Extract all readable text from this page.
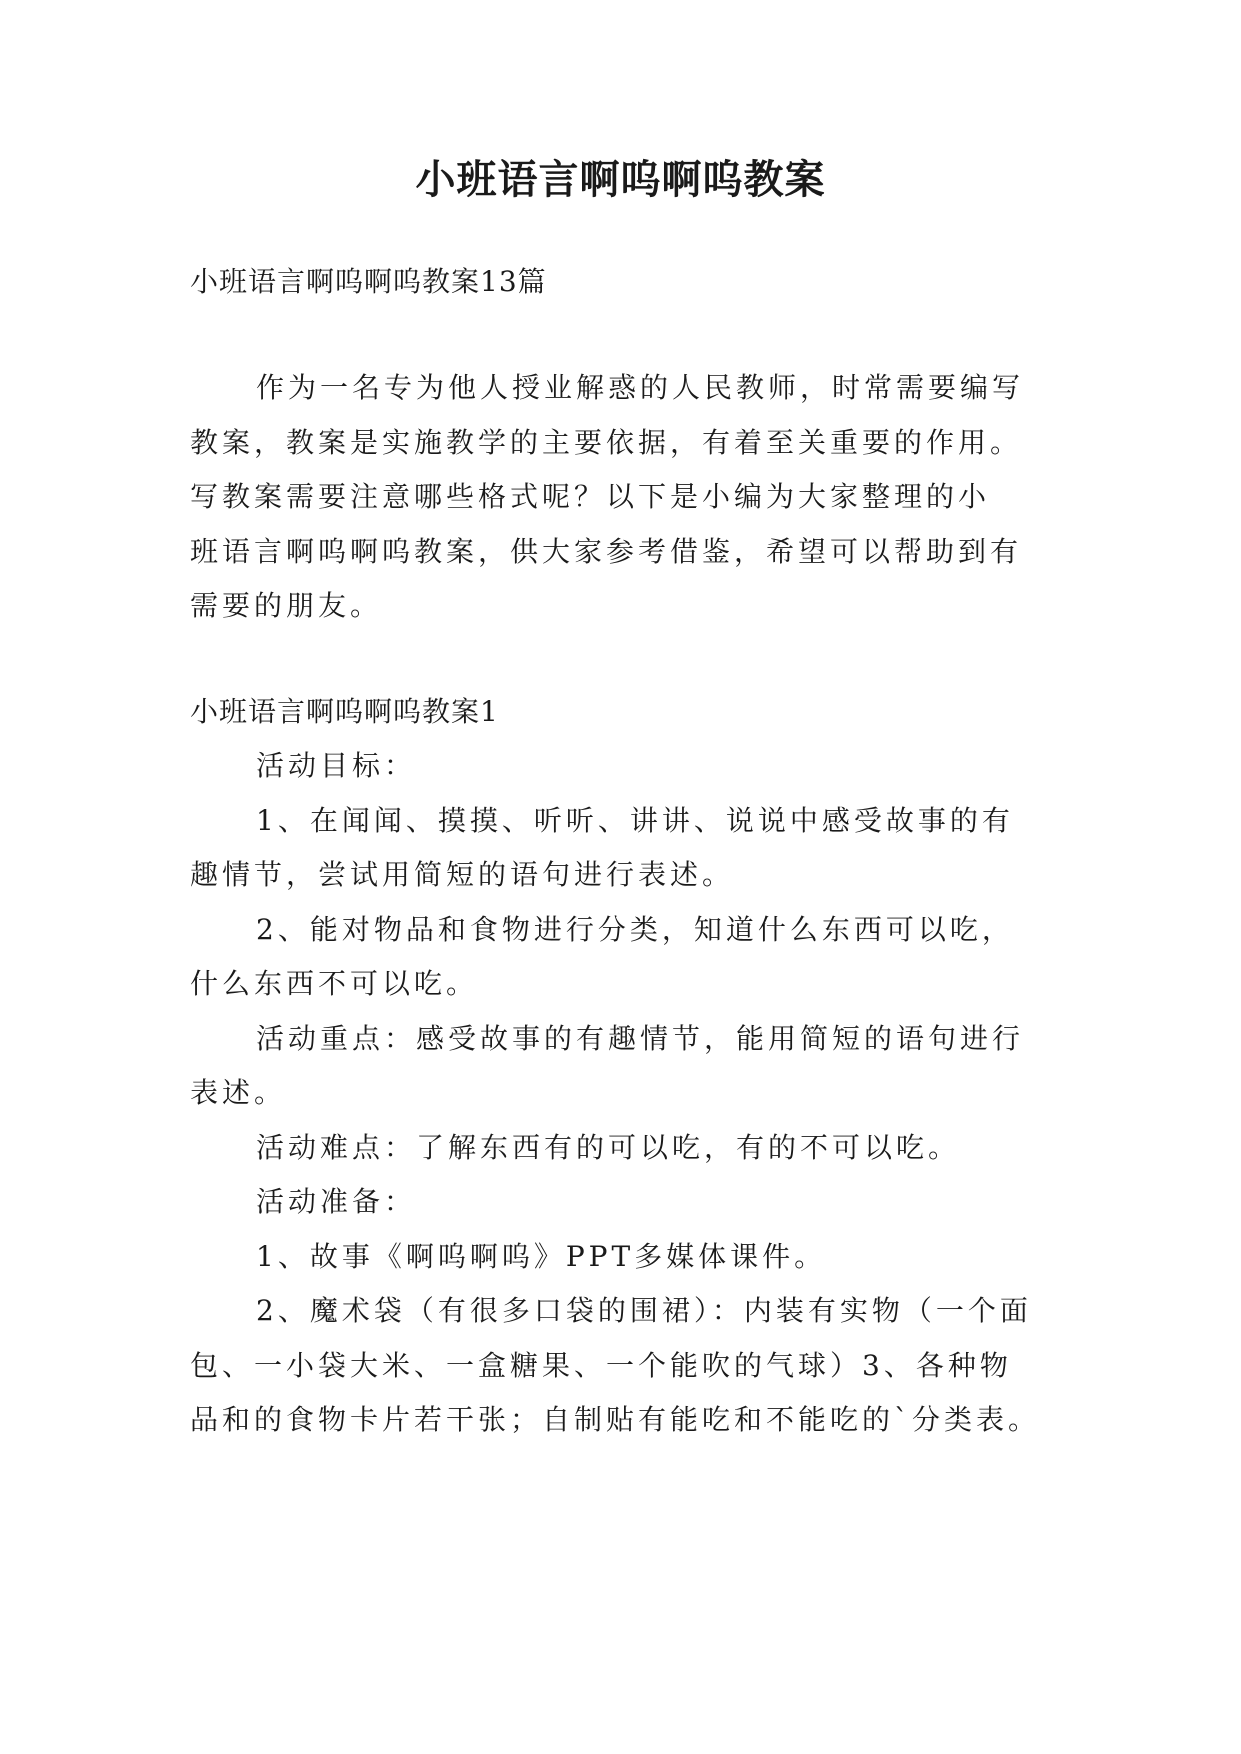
小班语言啊呜啊呜教案
小班语言啊呜啊呜教案13篇
作为一名专为他人授业解惑的人民教师，时常需要编写
教案，教案是实施教学的主要依据，有着至关重要的作用。
写教案需要注意哪些格式呢？以下是小编为大家整理的小
班语言啊呜啊呜教案，供大家参考借鉴，希望可以帮助到有
需要的朋友。
小班语言啊呜啊呜教案1
活动目标：
1、在闻闻、摸摸、听听、讲讲、说说中感受故事的有
趣情节，尝试用简短的语句进行表述。
2、能对物品和食物进行分类，知道什么东西可以吃，
什么东西不可以吃。
活动重点：感受故事的有趣情节，能用简短的语句进行
表述。
活动难点：了解东西有的可以吃，有的不可以吃。
活动准备：
1、故事《啊呜啊呜》PPT多媒体课件。
2、魔术袋（有很多口袋的围裙）：内装有实物（一个面
包、一小袋大米、一盒糖果、一个能吹的气球）3、各种物
品和的食物卡片若干张；自制贴有能吃和不能吃的`分类表。
